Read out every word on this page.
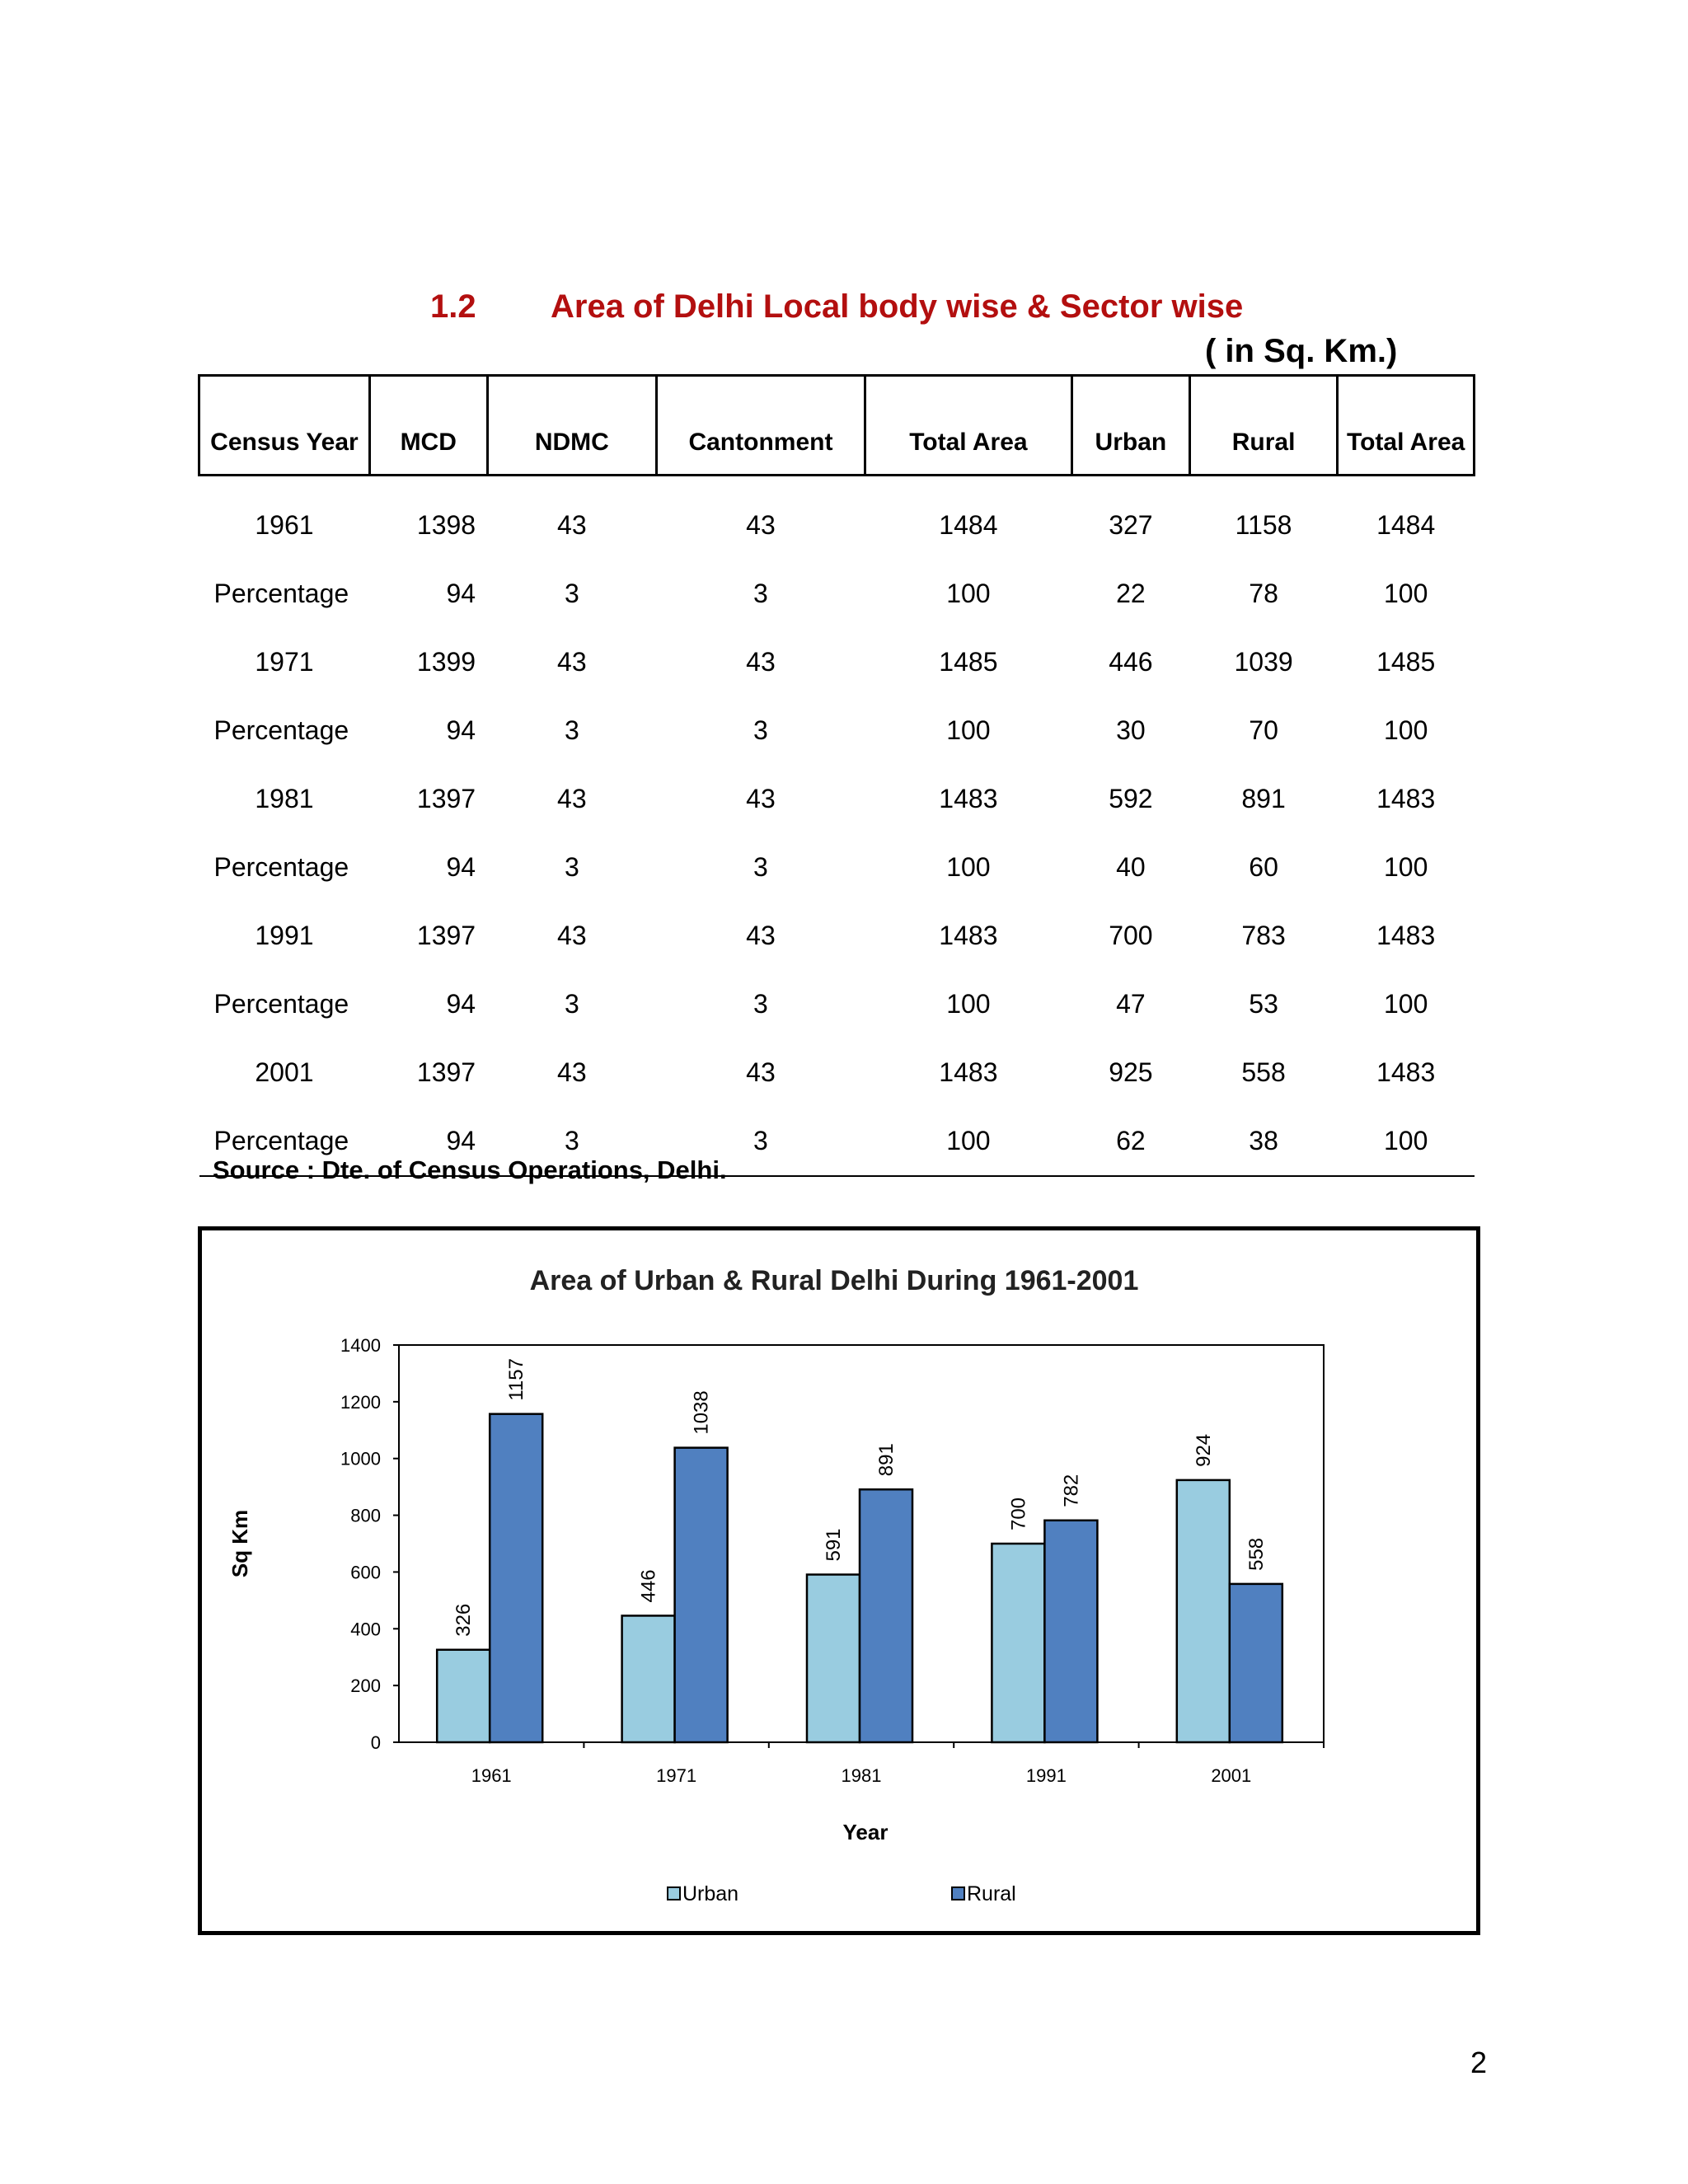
1.2 Area of Delhi Local body wise & Sector wise
( in Sq. Km.)
Census Year	MCD	NDMC	Cantonment	Total Area	Urban	Rural	Total Area

1961	1398	43	43	1484	327	1158	1484
Percentage	94	3	3	100	22	78	100
1971	1399	43	43	1485	446	1039	1485
Percentage	94	3	3	100	30	70	100
1981	1397	43	43	1483	592	891	1483
Percentage	94	3	3	100	40	60	100
1991	1397	43	43	1483	700	783	1483
Percentage	94	3	3	100	47	53	100
2001	1397	43	43	1483	925	558	1483
Percentage	94	3	3	100	62	38	100
Source : Dte. of Census Operations, Delhi.
Area of Urban & Rural Delhi During 1961-2001
0
200
400
600
800
1000
1200
1400
Sq Km
326
1157
1961
446
1038
1971
591
891
1981
700
782
1991
924
558
2001
Year
Urban	Rural
2
